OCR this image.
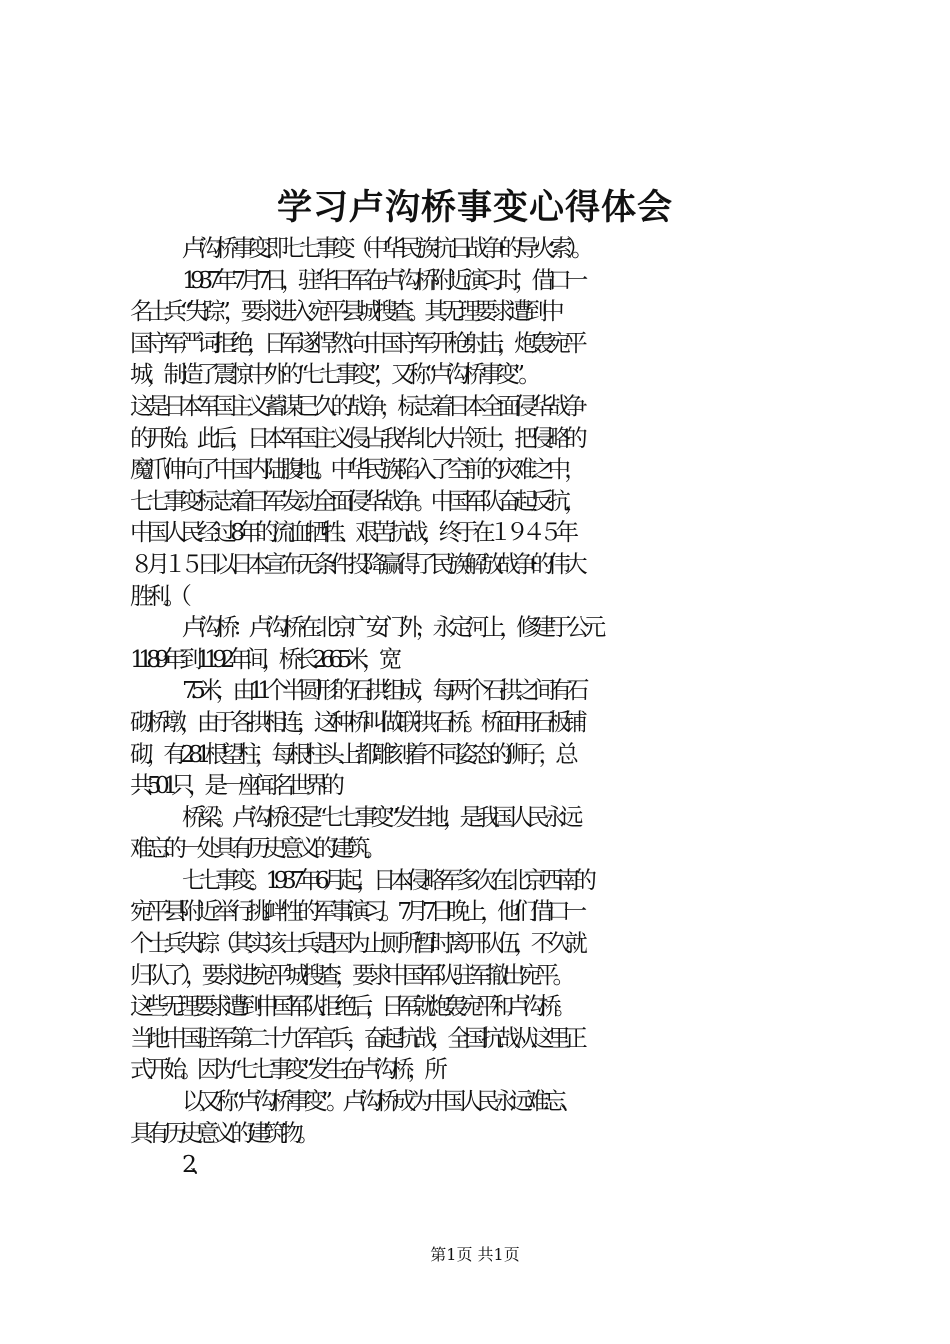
学习卢沟桥事变心得体会
卢沟桥事变即七七事变（中华民族抗日战争的导火索）。
1937年7月7日，驻华日军在卢沟桥附近演习时，借口一
名士兵“失踪”，要求进入宛平县城搜查。其无理要求遭到中
国守军严词拒绝，日军遂悍然向中国守军开枪射击，炮轰宛平
城，制造了震惊中外的“七七事变”，又称“卢沟桥事变”。
这是日本军国主义蓄谋已久的战争，标志着日本全面侵华战争
的开始。此后，日本军国主义侵占我华北大片领土，把侵略的
魔爪伸向了中国内陆腹地。中华民族陷入了空前的灾难之中，
七七事变标志着日军发动全面侵华战争。中国军队奋起反抗，
中国人民经过8年的流血牺牲、艰苦抗战，终于在１９４５年
８月１５日以日本宣布无条件投降赢得了民族解放战争的伟大
胜利。（
卢沟桥：卢沟桥在北京广安门外，永定河上，修建于公元
1189年到1192年间，桥长266.5米，宽
7.5米，由11个半圆形的石拱组成，每两个石拱之间有石
砌桥墩，由于各拱相连，这种桥叫做联拱石桥。桥面用石板铺
砌，有281根望柱，每根柱头上都雕刻着不同姿态的狮子，总
共501只，是一座闻名世界的
桥梁。卢沟桥还是“七七事变”发生地，是我国人民永远
难忘的一处具有历史意义的建筑。
七七事变。1937年6月起，日本侵略军多次在北京西南的
宛平县附近举行挑衅性的军事演习。7月7日晚上，他们借口一
个士兵失踪（其实该士兵是因为上厕所暂时离开队伍，不久就
归队了），要求进宛平城搜查，要求中国军队驻军撤出宛平。
这些无理要求遭到中国军队拒绝后，日军就炮轰宛平和卢沟桥。
当地中国驻军第二十九军官兵，奋起抗战，全国抗战从这里正
式开始。因为“七七事变”发生在卢沟桥，所
以又称“卢沟桥事变”。卢沟桥成为中国人民永远难忘、
具有历史意义的建筑物。
2、
第1页 共1页
